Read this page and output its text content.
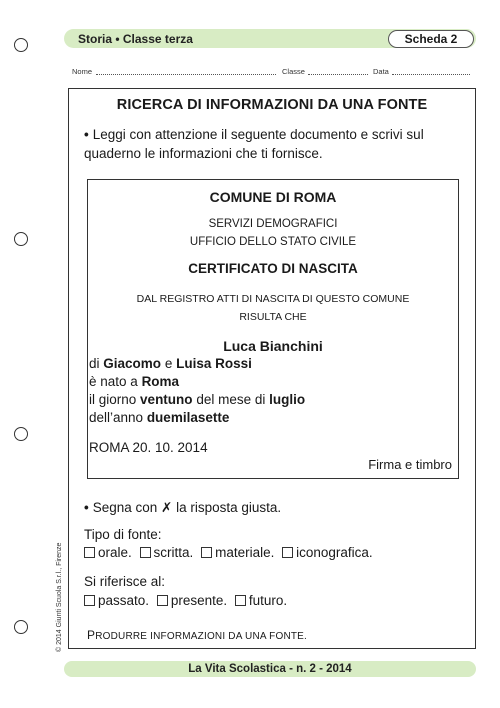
Storia • Classe terza	Scheda 2
Nome	Classe	Data
RICERCA DI INFORMAZIONI DA UNA FONTE
• Leggi con attenzione il seguente documento e scrivi sul quaderno le informazioni che ti fornisce.
COMUNE DI ROMA
SERVIZI DEMOGRAFICI
UFFICIO DELLO STATO CIVILE
CERTIFICATO DI NASCITA
DAL REGISTRO ATTI DI NASCITA DI QUESTO COMUNE
RISULTA CHE
Luca Bianchini
di Giacomo e Luisa Rossi
è nato a Roma
il giorno ventuno del mese di luglio
dell’anno duemilasette
ROMA 20. 10. 2014
Firma e timbro
• Segna con ✗ la risposta giusta.
Tipo di fonte:
orale.
scritta.
materiale.
iconografica.
Si riferisce al:
passato.
presente.
futuro.
PRODURRE INFORMAZIONI DA UNA FONTE.
La Vita Scolastica - n. 2 - 2014
© 2014 Giunti Scuola S.r.l., Firenze
